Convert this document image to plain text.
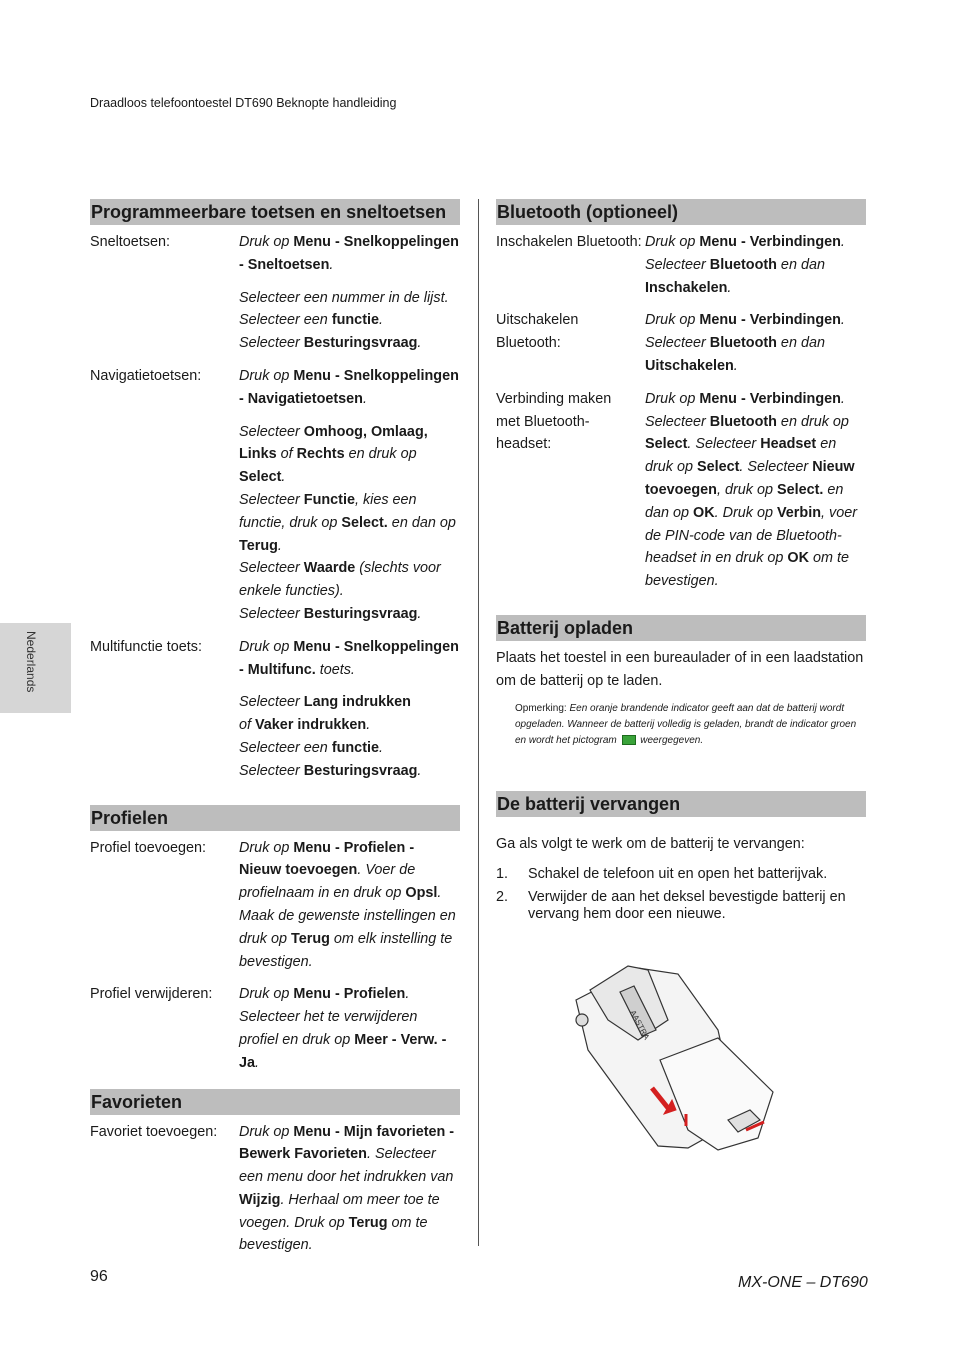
Draadloos telefoontoestel DT690 Beknopte handleiding
Nederlands
Programmeerbare toetsen en sneltoetsen
Sneltoetsen:	Druk op Menu - Snelkoppelingen - Sneltoetsen.
Selecteer een nummer in de lijst.
Selecteer een functie.
Selecteer Besturingsvraag.
Navigatietoetsen:	Druk op Menu - Snelkoppelingen - Navigatietoetsen.
Selecteer Omhoog, Omlaag, Links of Rechts en druk op Select.
Selecteer Functie, kies een functie, druk op Select. en dan op Terug.
Selecteer Waarde (slechts voor enkele functies).
Selecteer Besturingsvraag.
Multifunctie toets:	Druk op Menu - Snelkoppelingen - Multifunc. toets.
Selecteer Lang indrukken
of Vaker indrukken.
Selecteer een functie.
Selecteer Besturingsvraag.
Profielen
Profiel toevoegen:	Druk op Menu - Profielen - Nieuw toevoegen. Voer de profielnaam in en druk op Opsl. Maak de gewenste instellingen en druk op Terug om elk instelling te bevestigen.
Profiel verwijderen:	Druk op Menu - Profielen.
Selecteer het te verwijderen profiel en druk op Meer - Verw. - Ja.
Favorieten
Favoriet toevoegen:	Druk op Menu - Mijn favorieten - Bewerk Favorieten. Selecteer een menu door het indrukken van Wijzig. Herhaal om meer toe te voegen. Druk op Terug om te bevestigen.
Bluetooth (optioneel)
Inschakelen Bluetooth: Druk op Menu - Verbindingen.
Selecteer Bluetooth en dan Inschakelen.
Uitschakelen Bluetooth:
Druk op Menu - Verbindingen.
Selecteer Bluetooth en dan Uitschakelen.
Verbinding maken met Bluetooth-headset:
Druk op Menu - Verbindingen.
Selecteer Bluetooth en druk op Select. Selecteer Headset en druk op Select. Selecteer Nieuw toevoegen, druk op Select. en dan op OK. Druk op Verbin, voer de PIN-code van de Bluetooth-headset in en druk op OK om te bevestigen.
Batterij opladen
Plaats het toestel in een bureaulader of in een laadstation om de batterij op te laden.
Opmerking: Een oranje brandende indicator geeft aan dat de batterij wordt opgeladen. Wanneer de batterij volledig is geladen, brandt de indicator groen en wordt het pictogram  weergegeven.
De batterij vervangen
Ga als volgt te werk om de batterij te vervangen:
1.	Schakel de telefoon uit en open het batterijvak.
2.	Verwijder de aan het deksel bevestigde batterij en vervang hem door een nieuwe.
AASTRA
96	MX-ONE – DT690
